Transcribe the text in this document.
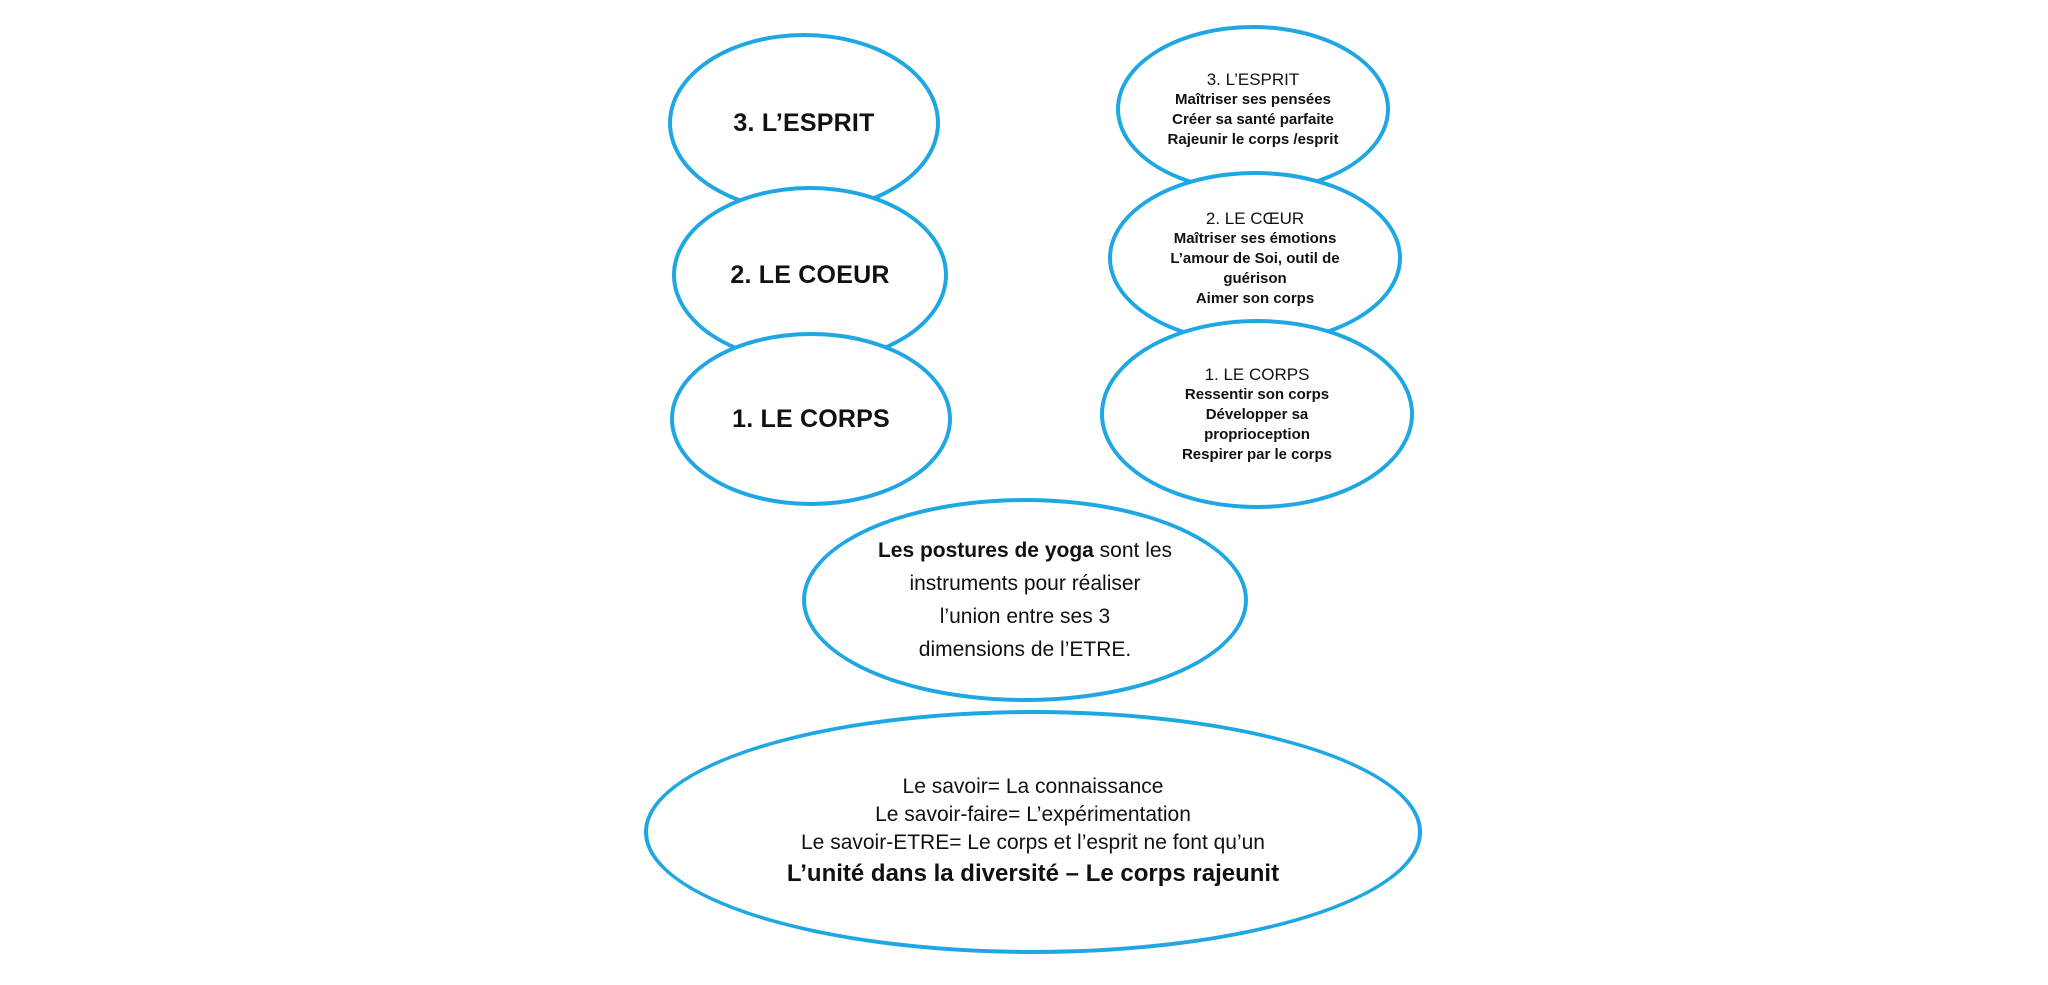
3. L’ESPRIT
2. LE COEUR
1. LE CORPS
3. L’ESPRIT
Maîtriser ses pensées
Créer sa santé parfaite
Rajeunir le corps /esprit
2. LE CŒUR
Maîtriser ses émotions
L’amour de Soi, outil de
guérison
Aimer son corps
1. LE CORPS
Ressentir son corps
Développer sa
proprioception
Respirer par le corps
Les postures de yoga sont les
instruments pour réaliser
l’union entre ses 3
dimensions de l’ETRE.
Le savoir= La connaissance
Le savoir-faire= L’expérimentation
Le savoir-ETRE= Le corps et l’esprit ne font qu’un
L’unité dans la diversité – Le corps rajeunit
